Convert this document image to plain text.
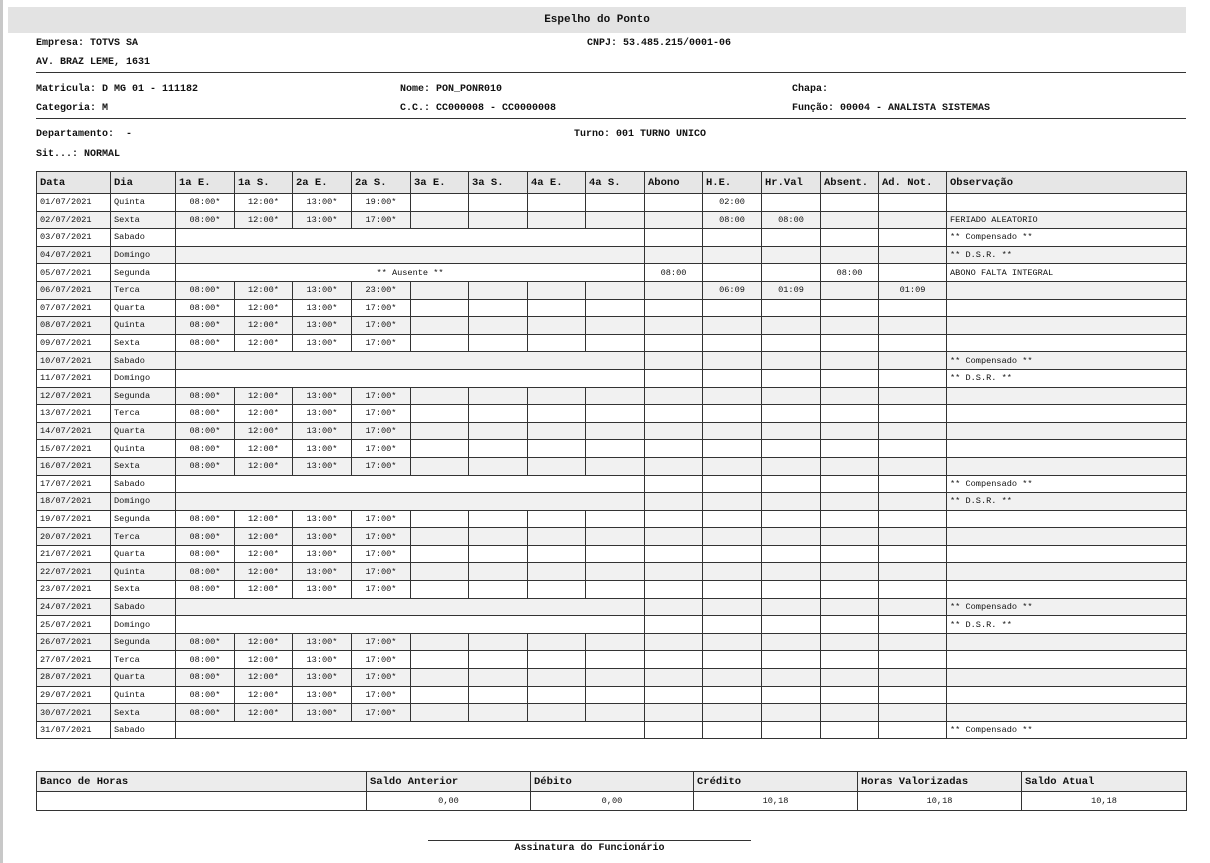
Espelho do Ponto
Empresa: TOTVS SA	CNPJ: 53.485.215/0001-06
AV. BRAZ LEME, 1631
Matricula: D MG 01 - 111182	Nome: PON_PONR010	Chapa:
Categoria: M	C.C.: CC000008 - CC0000008	Função: 00004 - ANALISTA SISTEMAS
Departamento: -	Turno: 001 TURNO UNICO
Sit...: NORMAL
Data	Dia	1a E.	1a S.	2a E.	2a S.	3a E.	3a S.	4a E.	4a S.	Abono	H.E.	Hr.Val	Absent.	Ad. Not.	Observação
01/07/2021	Quinta	08:00*	12:00*	13:00*	19:00*						02:00				
02/07/2021	Sexta	08:00*	12:00*	13:00*	17:00*						08:00	08:00			FERIADO ALEATORIO
03/07/2021	Sabado														** Compensado **
04/07/2021	Domingo														** D.S.R. **
05/07/2021	Segunda	** Ausente **								08:00			08:00		ABONO FALTA INTEGRAL
06/07/2021	Terca	08:00*	12:00*	13:00*	23:00*						06:09	01:09		01:09	
07/07/2021	Quarta	08:00*	12:00*	13:00*	17:00*										
08/07/2021	Quinta	08:00*	12:00*	13:00*	17:00*										
09/07/2021	Sexta	08:00*	12:00*	13:00*	17:00*										
10/07/2021	Sabado														** Compensado **
11/07/2021	Domingo														** D.S.R. **
12/07/2021	Segunda	08:00*	12:00*	13:00*	17:00*										
13/07/2021	Terca	08:00*	12:00*	13:00*	17:00*										
14/07/2021	Quarta	08:00*	12:00*	13:00*	17:00*										
15/07/2021	Quinta	08:00*	12:00*	13:00*	17:00*										
16/07/2021	Sexta	08:00*	12:00*	13:00*	17:00*										
17/07/2021	Sabado														** Compensado **
18/07/2021	Domingo														** D.S.R. **
19/07/2021	Segunda	08:00*	12:00*	13:00*	17:00*										
20/07/2021	Terca	08:00*	12:00*	13:00*	17:00*										
21/07/2021	Quarta	08:00*	12:00*	13:00*	17:00*										
22/07/2021	Quinta	08:00*	12:00*	13:00*	17:00*										
23/07/2021	Sexta	08:00*	12:00*	13:00*	17:00*										
24/07/2021	Sabado														** Compensado **
25/07/2021	Domingo														** D.S.R. **
26/07/2021	Segunda	08:00*	12:00*	13:00*	17:00*										
27/07/2021	Terca	08:00*	12:00*	13:00*	17:00*										
28/07/2021	Quarta	08:00*	12:00*	13:00*	17:00*										
29/07/2021	Quinta	08:00*	12:00*	13:00*	17:00*										
30/07/2021	Sexta	08:00*	12:00*	13:00*	17:00*										
31/07/2021	Sabado														** Compensado **
Banco de Horas	Saldo Anterior	Débito	Crédito	Horas Valorizadas	Saldo Atual
	0,00	0,00	10,18	10,18	10,18
Assinatura do Funcionário
